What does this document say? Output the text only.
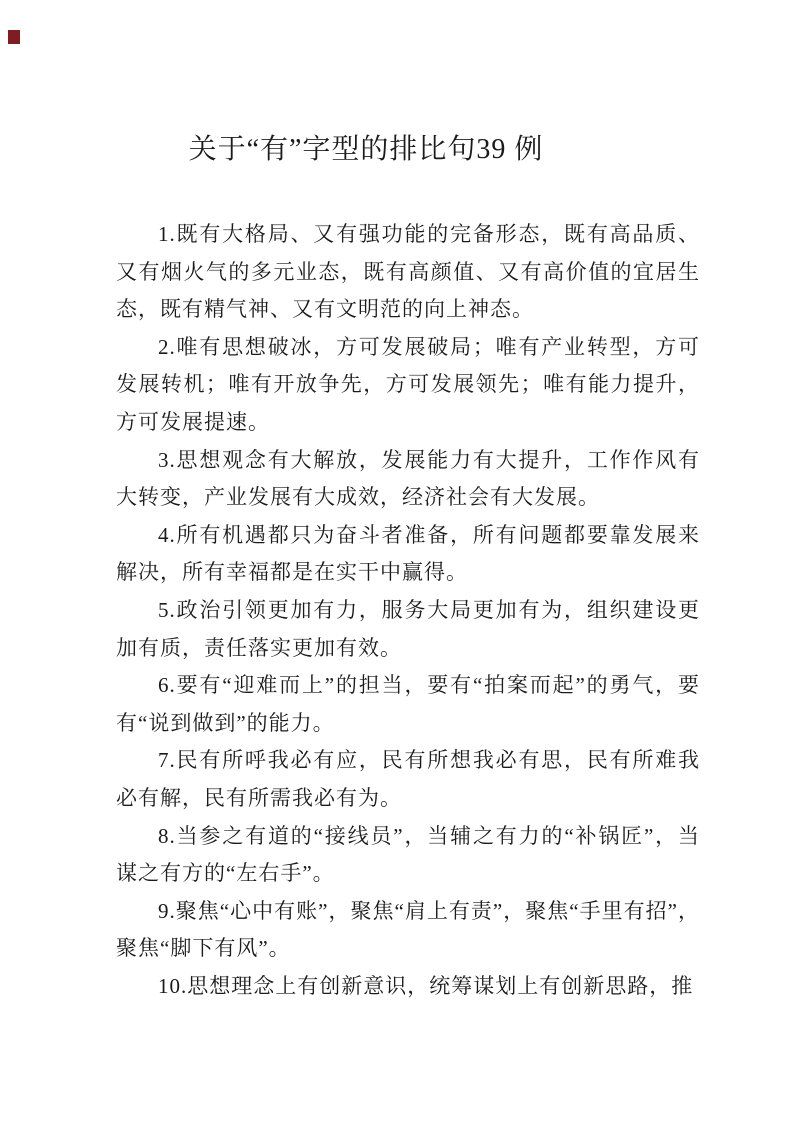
关于“有”字型的排比句39 例

1.既有大格局、又有强功能的完备形态，既有高品质、又有烟火气的多元业态，既有高颜值、又有高价值的宜居生态，既有精气神、又有文明范的向上神态。

2.唯有思想破冰，方可发展破局；唯有产业转型，方可发展转机；唯有开放争先，方可发展领先；唯有能力提升，方可发展提速。

3.思想观念有大解放，发展能力有大提升，工作作风有大转变，产业发展有大成效，经济社会有大发展。

4.所有机遇都只为奋斗者准备，所有问题都要靠发展来解决，所有幸福都是在实干中赢得。

5.政治引领更加有力，服务大局更加有为，组织建设更加有质，责任落实更加有效。

6.要有“迎难而上”的担当，要有“拍案而起”的勇气，要有“说到做到”的能力。

7.民有所呼我必有应，民有所想我必有思，民有所难我必有解，民有所需我必有为。

8.当参之有道的“接线员”，当辅之有力的“补锅匠”，当谋之有方的“左右手”。

9.聚焦“心中有账”，聚焦“肩上有责”，聚焦“手里有招”，聚焦“脚下有风”。

10.思想理念上有创新意识，统筹谋划上有创新思路，推
